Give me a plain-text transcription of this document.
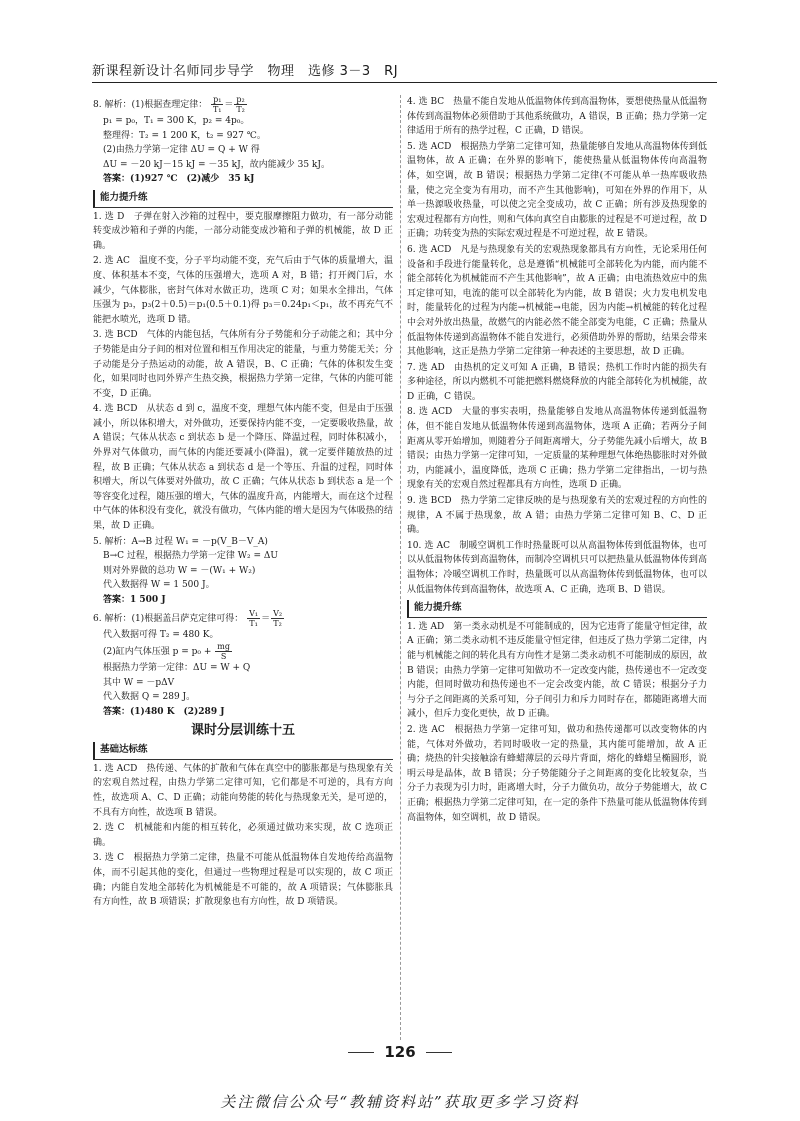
新课程新设计名师同步导学　物理　选修 3－3　RJ
8. 解析：(1)根据查理定律： $\frac{\text{p₁}}{\text{T₁}} = \frac{\text{p₂}}{\text{T₂}}$
p₁ = p₀，T₁ = 300 K，p₂ = 4p₀。
整理得：T₂ = 1 200 K，t₂ = 927 ℃。
(2)由热力学第一定律 ΔU = Q + W 得
ΔU = －20 kJ－15 kJ = －35 kJ，故内能减少 35 kJ。
答案：(1)927 ℃　(2)减少　35 kJ
能力提升练
1. 选 D　子弹在射入沙箱的过程中，要克服摩擦阻力做功，有一部分动能转变成沙箱和子弹的内能，一部分动能变成沙箱和子弹的机械能，故 D 正确。
2. 选 AC　温度不变，分子平均动能不变，充气后由于气体的质量增大，温度、体积基本不变，气体的压强增大，选项 A 对，B 错；打开阀门后，水减少，气体膨胀，密封气体对水做正功，选项 C 对；如果水全排出，气体压强为 p₃，p₃(2＋0.5)＝p₁(0.5＋0.1)得 p₃＝0.24p₁＜p₁，故不再充气不能把水喷光，选项 D 错。
3. 选 BCD　气体的内能包括，气体所有分子势能和分子动能之和；其中分子势能是由分子间的相对位置和相互作用决定的能量，与重力势能无关；分子动能是分子热运动的动能，故 A 错误，B、C 正确；气体的体积发生变化，如果同时也同外界产生热交换，根据热力学第一定律，气体的内能可能不变，D 正确。
4. 选 BCD　从状态 d 到 c，温度不变，理想气体内能不变，但是由于压强减小，所以体积增大，对外做功，还要保持内能不变，一定要吸收热量，故 A 错误；气体从状态 c 到状态 b 是一个降压、降温过程，同时体积减小，外界对气体做功，而气体的内能还要减小(降温)，就一定要伴随放热的过程，故 B 正确；气体从状态 a 到状态 d 是一个等压、升温的过程，同时体积增大，所以气体要对外做功，故 C 正确；气体从状态 b 到状态 a 是一个等容变化过程，随压强的增大，气体的温度升高，内能增大，而在这个过程中气体的体积没有变化，就没有做功，气体内能的增大是因为气体吸热的结果，故 D 正确。
5. 解析：A→B 过程 W₁ = －p(V_B－V_A)
B→C 过程，根据热力学第一定律 W₂ = ΔU
则对外界做的总功 W = －(W₁ + W₂)
代入数据得 W = 1 500 J。
答案：1 500 J
6. 解析：(1)根据盖吕萨克定律可得： $\frac{\text{V₁}}{\text{T₁}} = \frac{\text{V₂}}{\text{T₂}}$
代入数据可得 T₂ = 480 K。
(2)缸内气体压强 $p = p_0 + \frac{mg}{S}$
根据热力学第一定律：ΔU = W + Q
其中 W = －pΔV
代入数据 Q = 289 J。
答案：(1)480 K　(2)289 J
课时分层训练十五
基础达标练
1. 选 ACD　热传递、气体的扩散和气体在真空中的膨胀都是与热现象有关的宏观自然过程，由热力学第二定律可知，它们都是不可逆的，具有方向性，故选项 A、C、D 正确；动能向势能的转化与热现象无关，是可逆的，不具有方向性，故选项 B 错误。
2. 选 C　机械能和内能的相互转化，必须通过做功来实现，故 C 选项正确。
3. 选 C　根据热力学第二定律，热量不可能从低温物体自发地传给高温物体，而不引起其他的变化，但通过一些物理过程是可以实现的，故 C 项正确；内能自发地全部转化为机械能是不可能的，故 A 项错误；气体膨胀具有方向性，故 B 项错误；扩散现象也有方向性，故 D 项错误。
4. 选 BC　热量不能自发地从低温物体传到高温物体，要想使热量从低温物体传到高温物体必须借助于其他系统做功，A 错误，B 正确；热力学第一定律适用于所有的热学过程，C 正确，D 错误。
5. 选 ACD　根据热力学第二定律可知，热量能够自发地从高温物体传到低温物体，故 A 正确；在外界的影响下，能使热量从低温物体传向高温物体，如空调，故 B 错误；根据热力学第二定律(不可能从单一热库吸收热量，使之完全变为有用功，而不产生其他影响)，可知在外界的作用下，从单一热源吸收热量，可以使之完全变成功，故 C 正确；所有涉及热现象的宏观过程都有方向性，则和气体向真空自由膨胀的过程是不可逆过程，故 D 正确；功转变为热的实际宏观过程是不可逆过程，故 E 错误。
6. 选 ACD　凡是与热现象有关的宏观热现象都具有方向性，无论采用任何设备和手段进行能量转化，总是遵循“机械能可全部转化为内能，而内能不能全部转化为机械能而不产生其他影响”，故 A 正确；由电流热效应中的焦耳定律可知，电流的能可以全部转化为内能，故 B 错误；火力发电机发电时，能量转化的过程为内能→机械能→电能，因为内能→机械能的转化过程中会对外放出热量，故燃气的内能必然不能全部变为电能，C 正确；热量从低温物体传递到高温物体不能自发进行，必须借助外界的帮助，结果会带来其他影响，这正是热力学第二定律第一种表述的主要思想，故 D 正确。
7. 选 AD　由热机的定义可知 A 正确，B 错误；热机工作时内能的损失有多种途径，所以内燃机不可能把燃料燃烧释放的内能全部转化为机械能，故 D 正确，C 错误。
8. 选 ACD　大量的事实表明，热量能够自发地从高温物体传递到低温物体，但不能自发地从低温物体传递到高温物体，选项 A 正确；若两分子间距离从零开始增加，则随着分子间距离增大，分子势能先减小后增大，故 B 错误；由热力学第一定律可知，一定质量的某种理想气体绝热膨胀时对外做功，内能减小，温度降低，选项 C 正确；热力学第二定律指出，一切与热现象有关的宏观自然过程都具有方向性，选项 D 正确。
9. 选 BCD　热力学第二定律反映的是与热现象有关的宏观过程的方向性的规律，A 不属于热现象，故 A 错；由热力学第二定律可知 B、C、D 正确。
10. 选 AC　制暖空调机工作时热量既可以从高温物体传到低温物体，也可以从低温物体传到高温物体，而制冷空调机只可以把热量从低温物体传到高温物体；冷暖空调机工作时，热量既可以从高温物体传到低温物体，也可以从低温物体传到高温物体，故选项 A、C 正确，选项 B、D 错误。
能力提升练
1. 选 AD　第一类永动机是不可能制成的，因为它违背了能量守恒定律，故 A 正确；第二类永动机不违反能量守恒定律，但违反了热力学第二定律，内能与机械能之间的转化具有方向性才是第二类永动机不可能制成的原因，故 B 错误；由热力学第一定律可知做功不一定改变内能，热传递也不一定改变内能，但同时做功和热传递也不一定会改变内能，故 C 错误；根据分子力与分子之间距离的关系可知，分子间引力和斥力同时存在，都随距离增大而减小，但斥力变化更快，故 D 正确。
2. 选 AC　根据热力学第一定律可知，做功和热传递都可以改变物体的内能，气体对外做功，若同时吸收一定的热量，其内能可能增加，故 A 正确；烧热的针尖接触涂有蜂蜡薄层的云母片背面，熔化的蜂蜡呈椭圆形，说明云母是晶体，故 B 错误；分子势能随分子之间距离的变化比较复杂，当分子力表现为引力时，距离增大时，分子力做负功，故分子势能增大，故 C 正确；根据热力学第二定律可知，在一定的条件下热量可能从低温物体传到高温物体，如空调机，故 D 错误。
126
关注微信公众号“教辅资料站”获取更多学习资料
